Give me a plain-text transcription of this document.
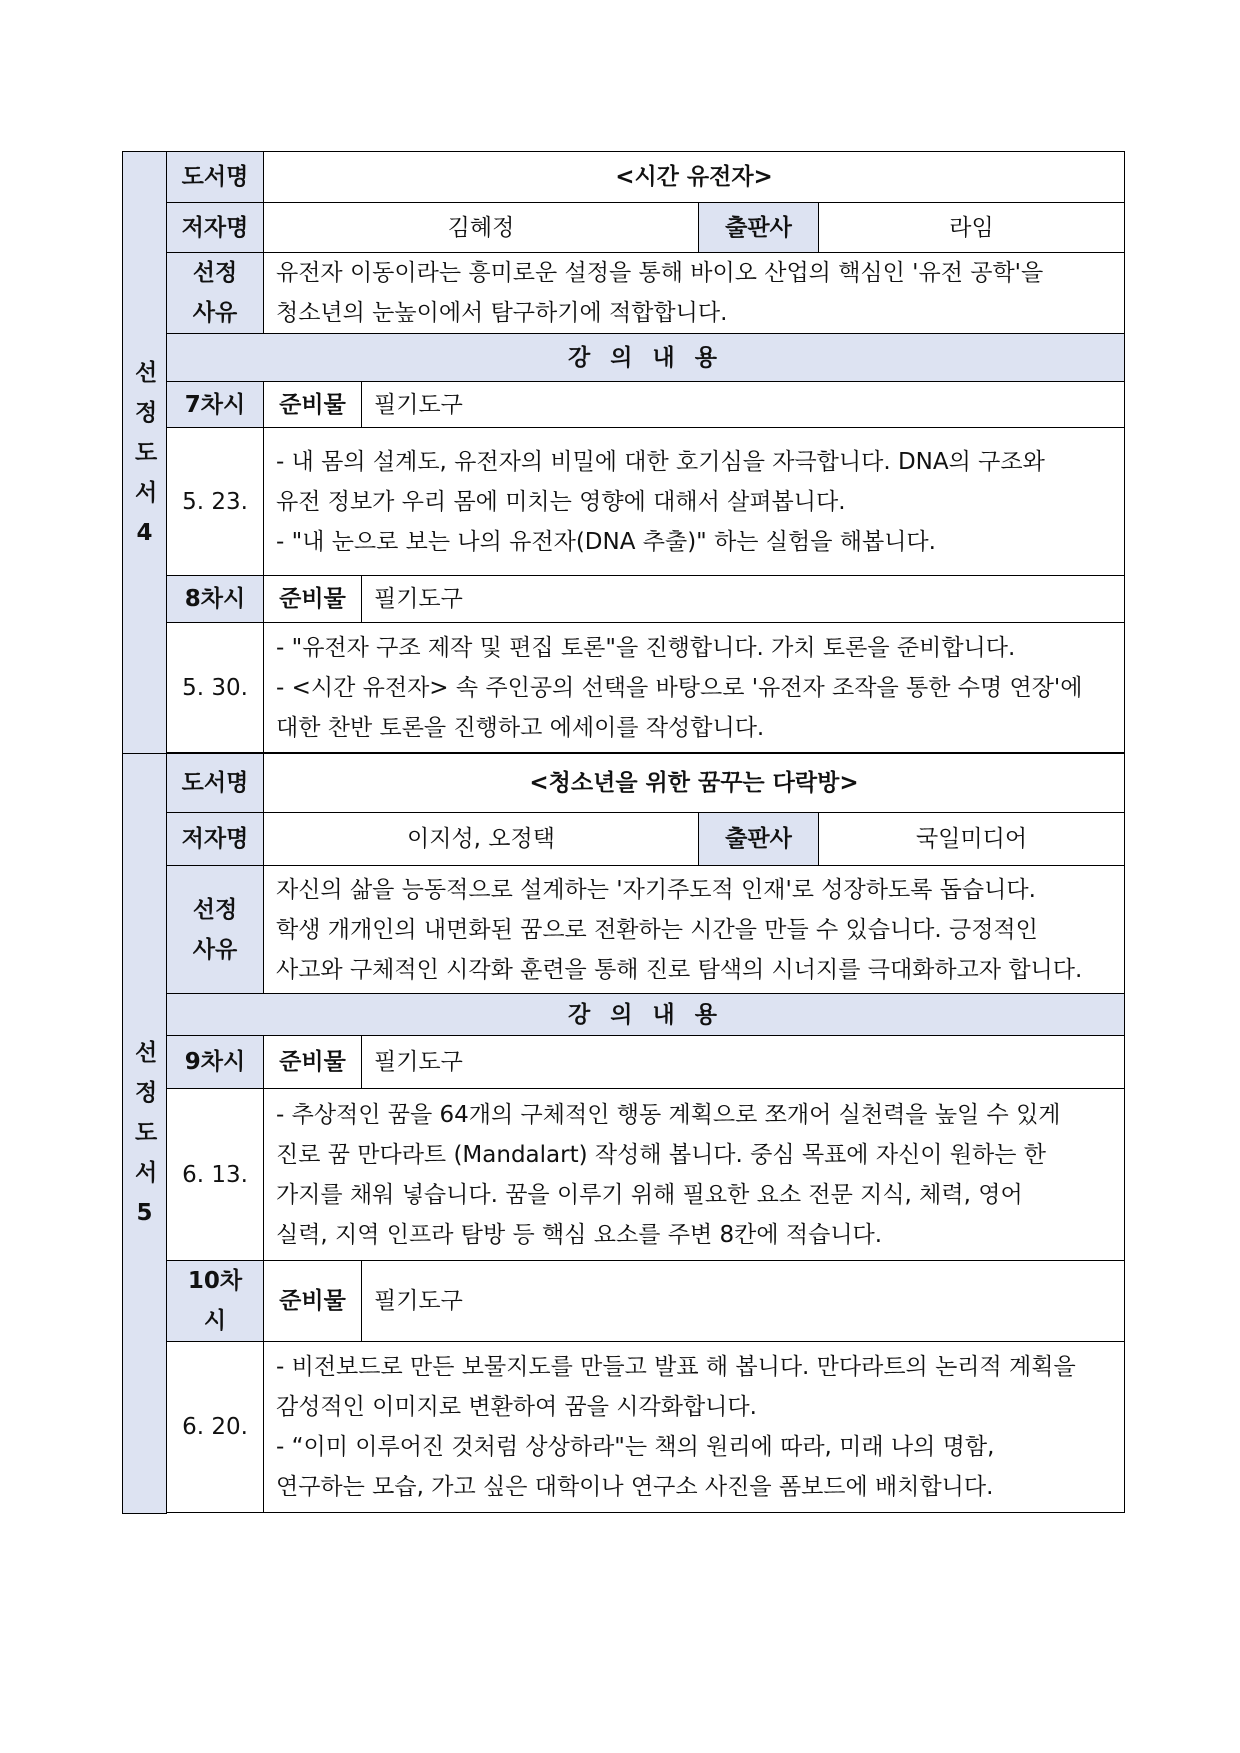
선
정
도
서
4	도서명	<시간 유전자>			
	저자명	김혜정		출판사	라임

	선정
사유	유전자 이동이라는 흥미로운 설정을 통해 바이오 산업의 핵심인 '유전 공학'을
청소년의 눈높이에서 탐구하기에 적합합니다.			

	강 의 내 용				
	7차시	준비물	필기도구		
	5. 23.	- 내 몸의 설계도, 유전자의 비밀에 대한 호기심을 자극합니다. DNA의 구조와
유전 정보가 우리 몸에 미치는 영향에 대해서 살펴봅니다.
- "내 눈으로 보는 나의 유전자(DNA 추출)" 하는 실험을 해봅니다.			

	8차시	준비물	필기도구		
	5. 30.	- "유전자 구조 제작 및 편집 토론"을 진행합니다. 가치 토론을 준비합니다.
- <시간 유전자> 속 주인공의 선택을 바탕으로 '유전자 조작을 통한 수명 연장'에
대한 찬반 토론을 진행하고 에세이를 작성합니다.			

선
정
도
서
5	도서명	<청소년을 위한 꿈꾸는 다락방>			
	저자명	이지성, 오정택		출판사	국일미디어

	선정
사유	자신의 삶을 능동적으로 설계하는 '자기주도적 인재'로 성장하도록 돕습니다.
학생 개개인의 내면화된 꿈으로 전환하는 시간을 만들 수 있습니다. 긍정적인
사고와 구체적인 시각화 훈련을 통해 진로 탐색의 시너지를 극대화하고자 합니다.			

	강 의 내 용				
	9차시	준비물	필기도구		
	6. 13.	- 추상적인 꿈을 64개의 구체적인 행동 계획으로 쪼개어 실천력을 높일 수 있게
진로 꿈 만다라트 (Mandalart) 작성해 봅니다. 중심 목표에 자신이 원하는 한
가지를 채워 넣습니다. 꿈을 이루기 위해 필요한 요소 전문 지식, 체력, 영어
실력, 지역 인프라 탐방 등 핵심 요소를 주변 8칸에 적습니다.			

	10차시	준비물	필기도구		
	6. 20.	- 비전보드로 만든 보물지도를 만들고 발표 해 봅니다. 만다라트의 논리적 계획을
감성적인 이미지로 변환하여 꿈을 시각화합니다.
- “이미 이루어진 것처럼 상상하라"는 책의 원리에 따라, 미래 나의 명함,
연구하는 모습, 가고 싶은 대학이나 연구소 사진을 폼보드에 배치합니다.			
